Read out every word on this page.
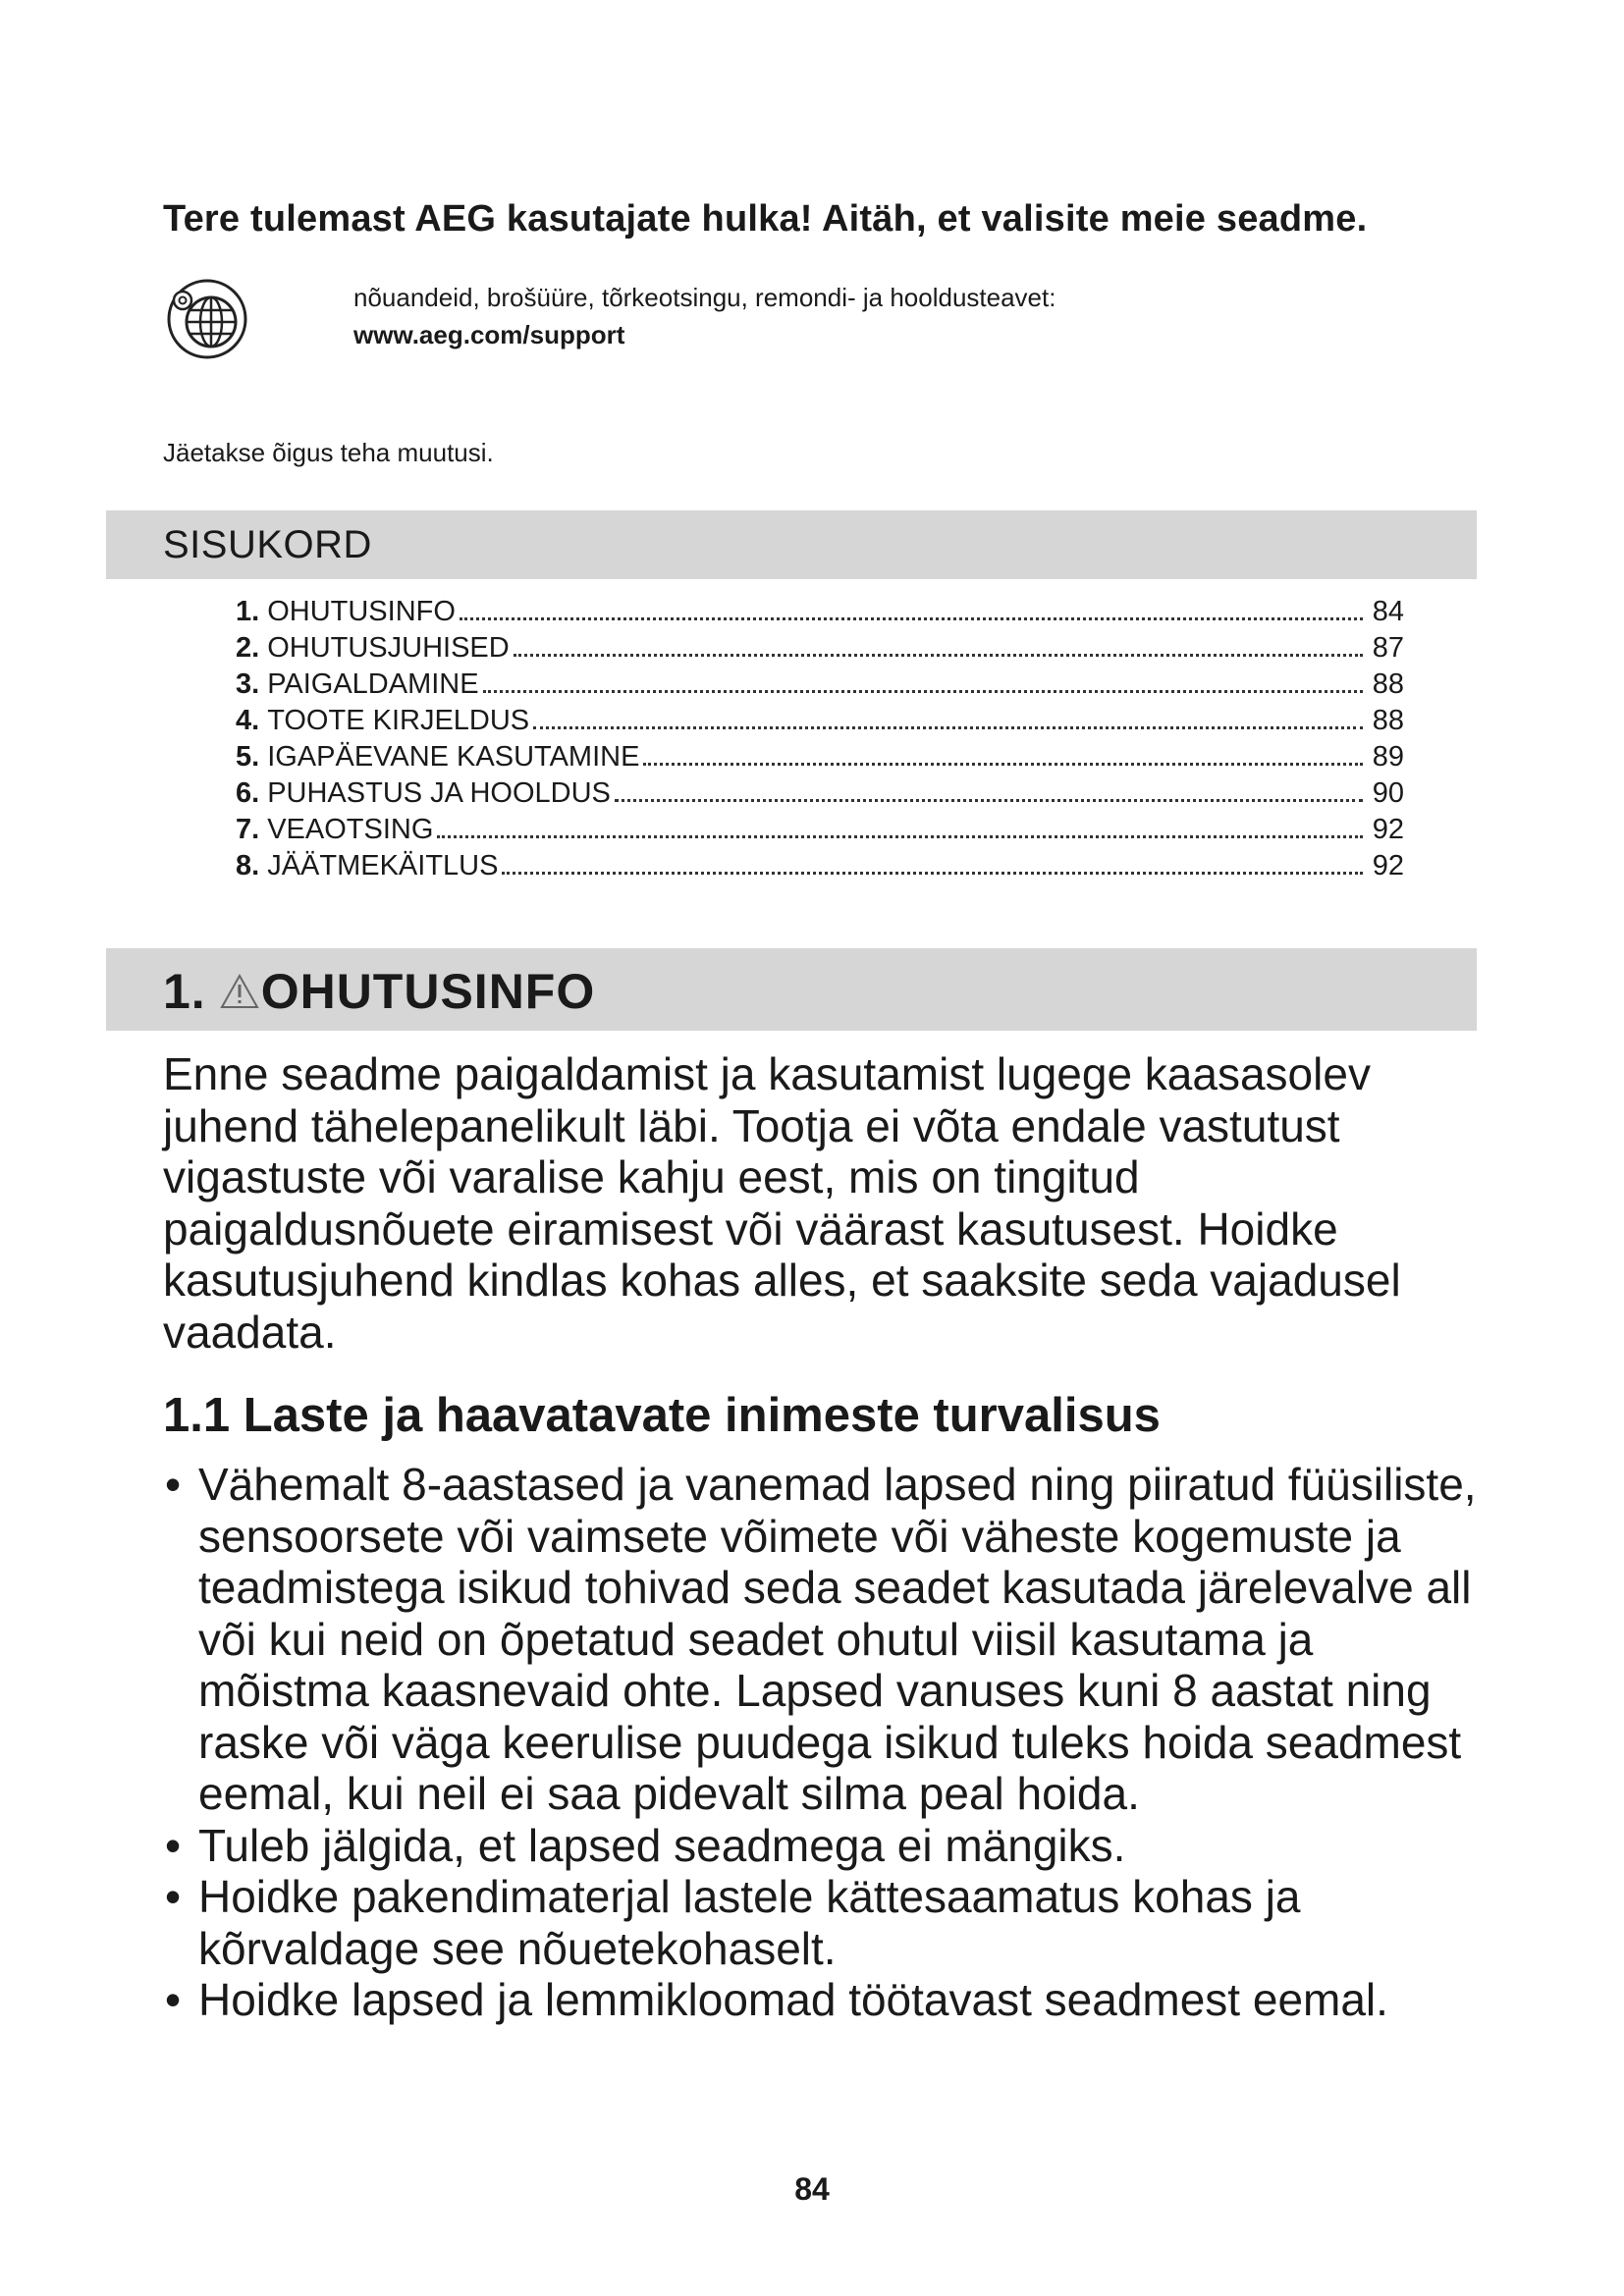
Tere tulemast AEG kasutajate hulka! Aitäh, et valisite meie seadme.
nõuandeid, brošüüre, tõrkeotsingu, remondi- ja hooldusteavet:
www.aeg.com/support
Jäetakse õigus teha muutusi.
SISUKORD
1. OHUTUSINFO	84
2. OHUTUSJUHISED	87
3. PAIGALDAMINE	88
4. TOOTE KIRJELDUS	88
5. IGAPÄEVANE KASUTAMINE	89
6. PUHASTUS JA HOOLDUS	90
7. VEAOTSING	92
8. JÄÄTMEKÄITLUS	92
1. OHUTUSINFO

Enne seadme paigaldamist ja kasutamist lugege kaasasolev juhend tähelepanelikult läbi. Tootja ei võta endale vastutust vigastuste või varalise kahju eest, mis on tingitud paigaldusnõuete eiramisest või väärast kasutusest. Hoidke kasutusjuhend kindlas kohas alles, et saaksite seda vajadusel vaadata.

1.1 Laste ja haavatavate inimeste turvalisus
• Vähemalt 8-aastased ja vanemad lapsed ning piiratud füüsiliste, sensoorsete või vaimsete võimete või väheste kogemuste ja teadmistega isikud tohivad seda seadet kasutada järelevalve all või kui neid on õpetatud seadet ohutul viisil kasutama ja mõistma kaasnevaid ohte. Lapsed vanuses kuni 8 aastat ning raske või väga keerulise puudega isikud tuleks hoida seadmest eemal, kui neil ei saa pidevalt silma peal hoida.
• Tuleb jälgida, et lapsed seadmega ei mängiks.
• Hoidke pakendimaterjal lastele kättesaamatus kohas ja kõrvaldage see nõuetekohaselt.
• Hoidke lapsed ja lemmikloomad töötavast seadmest eemal.
84
